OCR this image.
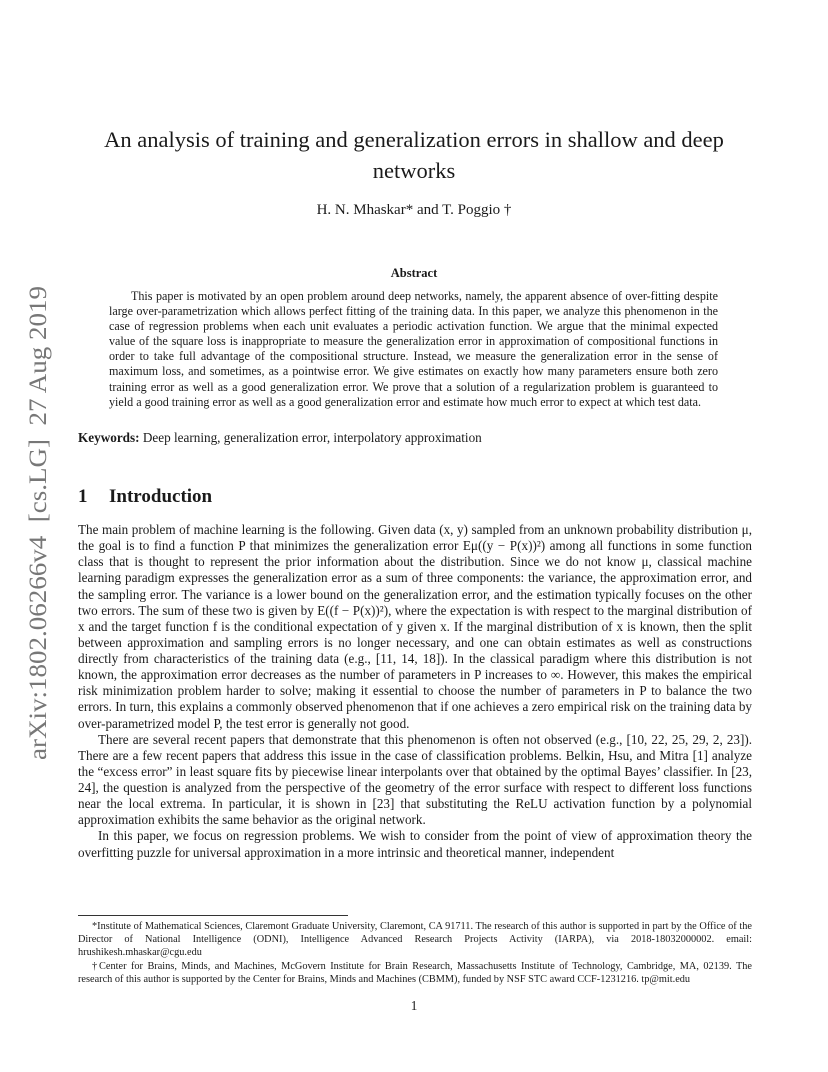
arXiv:1802.06266v4  [cs.LG]  27 Aug 2019
An analysis of training and generalization errors in shallow and deep networks
H. N. Mhaskar* and T. Poggio †
Abstract
This paper is motivated by an open problem around deep networks, namely, the apparent absence of over-fitting despite large over-parametrization which allows perfect fitting of the training data. In this paper, we analyze this phenomenon in the case of regression problems when each unit evaluates a periodic activation function. We argue that the minimal expected value of the square loss is inappropriate to measure the generalization error in approximation of compositional functions in order to take full advantage of the compositional structure. Instead, we measure the generalization error in the sense of maximum loss, and sometimes, as a pointwise error. We give estimates on exactly how many parameters ensure both zero training error as well as a good generalization error. We prove that a solution of a regularization problem is guaranteed to yield a good training error as well as a good generalization error and estimate how much error to expect at which test data.
Keywords: Deep learning, generalization error, interpolatory approximation
1 Introduction

The main problem of machine learning is the following. Given data (x, y) sampled from an unknown probability distribution μ, the goal is to find a function P that minimizes the generalization error Eμ((y − P(x))²) among all functions in some function class that is thought to represent the prior information about the distribution. Since we do not know μ, classical machine learning paradigm expresses the generalization error as a sum of three components: the variance, the approximation error, and the sampling error. The variance is a lower bound on the generalization error, and the estimation typically focuses on the other two errors. The sum of these two is given by E((f − P(x))²), where the expectation is with respect to the marginal distribution of x and the target function f is the conditional expectation of y given x. If the marginal distribution of x is known, then the split between approximation and sampling errors is no longer necessary, and one can obtain estimates as well as constructions directly from characteristics of the training data (e.g., [11, 14, 18]). In the classical paradigm where this distribution is not known, the approximation error decreases as the number of parameters in P increases to ∞. However, this makes the empirical risk minimization problem harder to solve; making it essential to choose the number of parameters in P to balance the two errors. In turn, this explains a commonly observed phenomenon that if one achieves a zero empirical risk on the training data by over-parametrized model P, the test error is generally not good.

There are several recent papers that demonstrate that this phenomenon is often not observed (e.g., [10, 22, 25, 29, 2, 23]). There are a few recent papers that address this issue in the case of classification problems. Belkin, Hsu, and Mitra [1] analyze the “excess error” in least square fits by piecewise linear interpolants over that obtained by the optimal Bayes’ classifier. In [23, 24], the question is analyzed from the perspective of the geometry of the error surface with respect to different loss functions near the local extrema. In particular, it is shown in [23] that substituting the ReLU activation function by a polynomial approximation exhibits the same behavior as the original network.

In this paper, we focus on regression problems. We wish to consider from the point of view of approximation theory the overfitting puzzle for universal approximation in a more intrinsic and theoretical manner, independent

*Institute of Mathematical Sciences, Claremont Graduate University, Claremont, CA 91711. The research of this author is supported in part by the Office of the Director of National Intelligence (ODNI), Intelligence Advanced Research Projects Activity (IARPA), via 2018-18032000002. email: hrushikesh.mhaskar@cgu.edu

†Center for Brains, Minds, and Machines, McGovern Institute for Brain Research, Massachusetts Institute of Technology, Cambridge, MA, 02139. The research of this author is supported by the Center for Brains, Minds and Machines (CBMM), funded by NSF STC award CCF-1231216. tp@mit.edu

1
